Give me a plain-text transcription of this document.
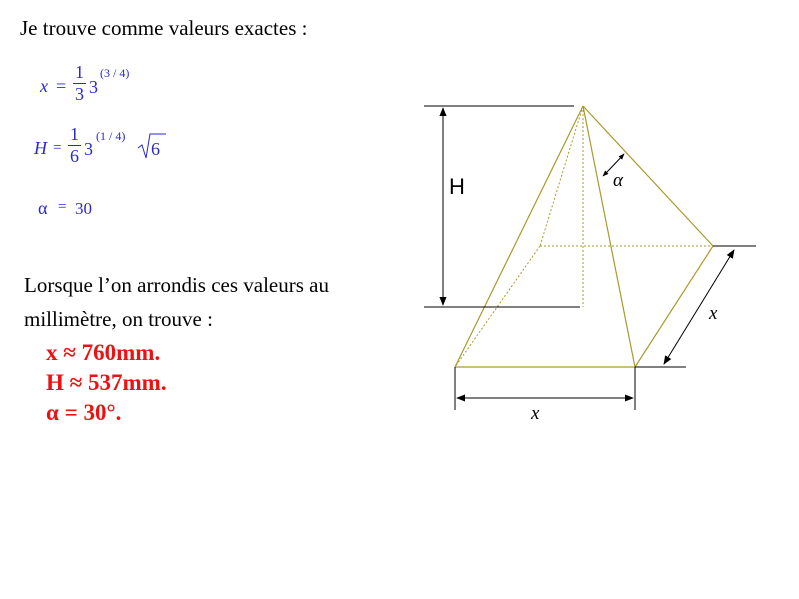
Je trouve comme valeurs exactes :
x =
1
3 3
(3 / 4)
H =
1
6 3
(1 / 4)
6
α = 30
Lorsque l’on arrondis ces valeurs au
millimètre, on trouve :
x ≈ 760mm.
H ≈ 537mm.
α = 30°.
H	α
x
x
